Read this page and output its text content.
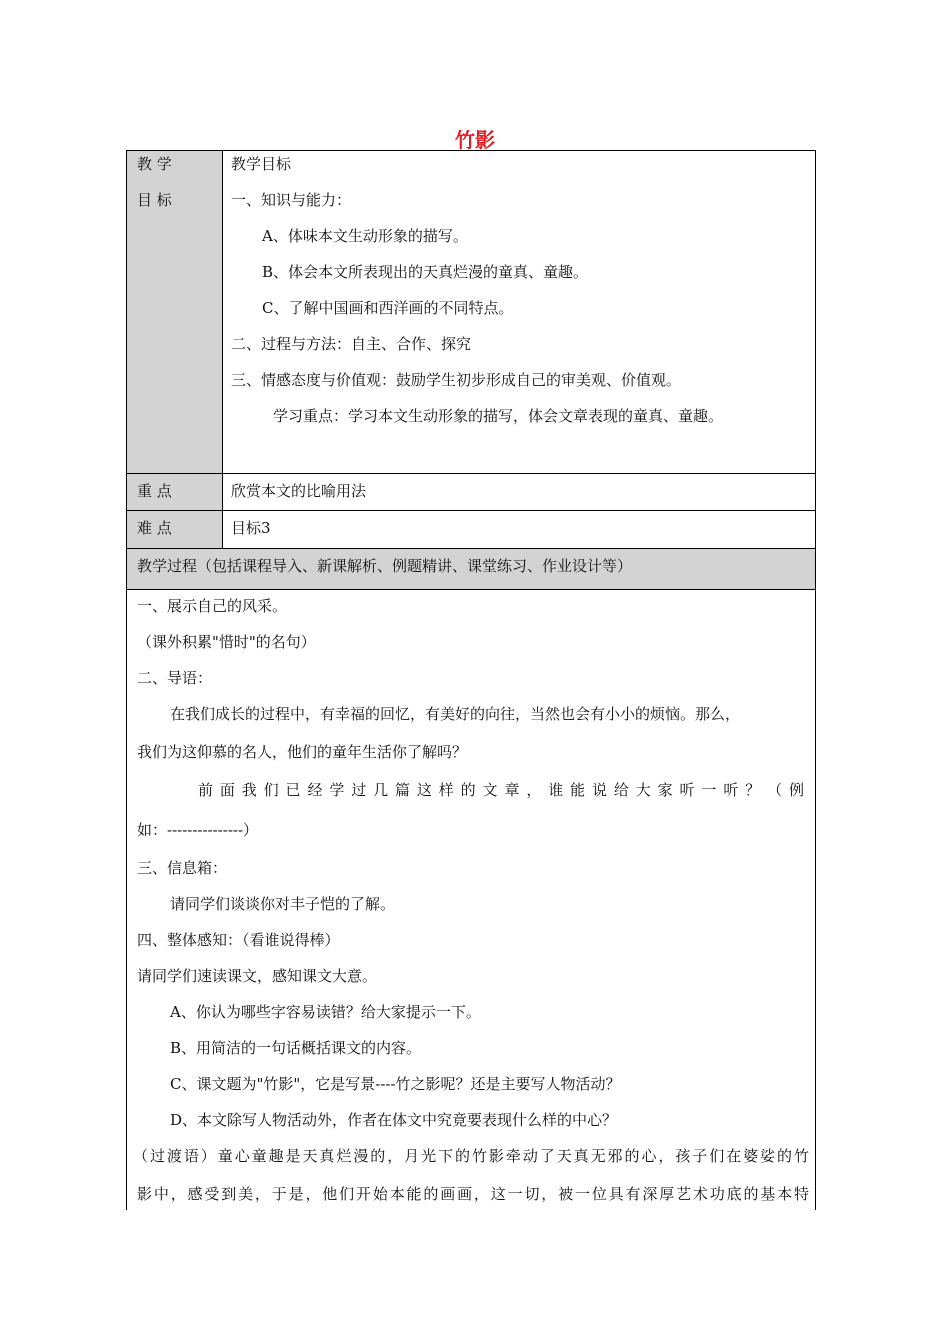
竹影
教 学
目 标
教学目标
一、知识与能力：
A、体味本文生动形象的描写。
B、体会本文所表现出的天真烂漫的童真、童趣。
C、了解中国画和西洋画的不同特点。
二、过程与方法：自主、合作、探究
三、情感态度与价值观：鼓励学生初步形成自己的审美观、价值观。
学习重点：学习本文生动形象的描写，体会文章表现的童真、童趣。
重 点	欣赏本文的比喻用法
难 点	目标3
教学过程（包括课程导入、新课解析、例题精讲、课堂练习、作业设计等）
一、展示自己的风采。
（课外积累"惜时"的名句）
二、导语：
在我们成长的过程中，有幸福的回忆，有美好的向往，当然也会有小小的烦恼。那么，
我们为这仰慕的名人，他们的童年生活你了解吗？
前面我们已经学过几篇这样的文章，谁能说给大家听一听？（例
如：---------------）
三、信息箱：
请同学们谈谈你对丰子恺的了解。
四、整体感知：（看谁说得棒）
请同学们速读课文，感知课文大意。
A、你认为哪些字容易读错？给大家提示一下。
B、用简洁的一句话概括课文的内容。
C、课文题为"竹影"，它是写景----竹之影呢？还是主要写人物活动？
D、本文除写人物活动外，作者在体文中究竟要表现什么样的中心？
（过渡语）童心童趣是天真烂漫的，月光下的竹影牵动了天真无邪的心，孩子们在婆娑的竹
影中，感受到美，于是，他们开始本能的画画，这一切，被一位具有深厚艺术功底的基本特
